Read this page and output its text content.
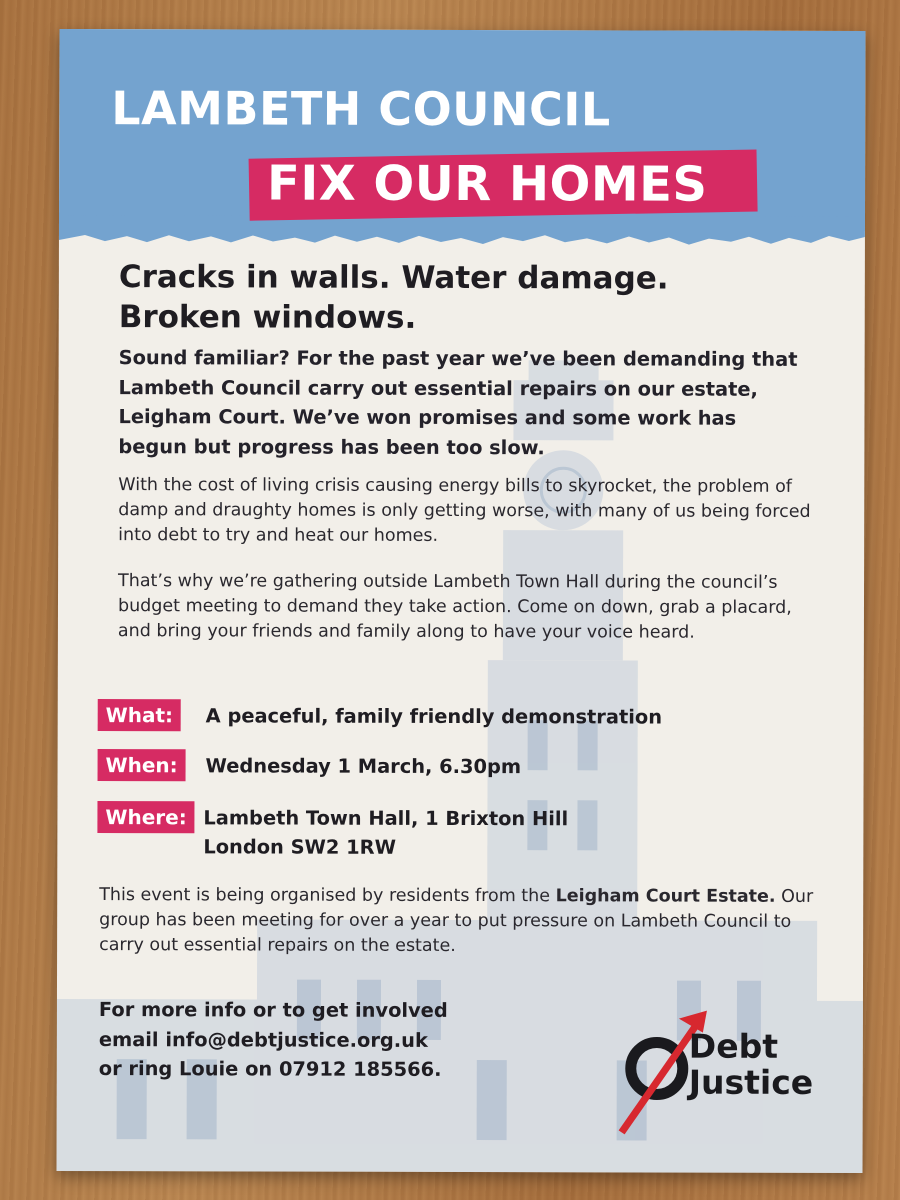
LAMBETH COUNCIL
FIX OUR HOMES
Cracks in walls. Water damage.
Broken windows.
Sound familiar? For the past year we’ve been demanding that Lambeth Council carry out essential repairs on our estate, Leigham Court. We’ve won promises and some work has begun but progress has been too slow.
With the cost of living crisis causing energy bills to skyrocket, the problem of damp and draughty homes is only getting worse, with many of us being forced into debt to try and heat our homes.
That’s why we’re gathering outside Lambeth Town Hall during the council’s budget meeting to demand they take action. Come on down, grab a placard, and bring your friends and family along to have your voice heard.
What:	A peaceful, family friendly demonstration
When:	Wednesday 1 March, 6.30pm
Where: Lambeth Town Hall, 1 Brixton Hill
London SW2 1RW
This event is being organised by residents from the Leigham Court Estate. Our group has been meeting for over a year to put pressure on Lambeth Council to carry out essential repairs on the estate.
For more info or to get involved
email info@debtjustice.org.uk
or ring Louie on 07912 185566.
Debt
Justice
